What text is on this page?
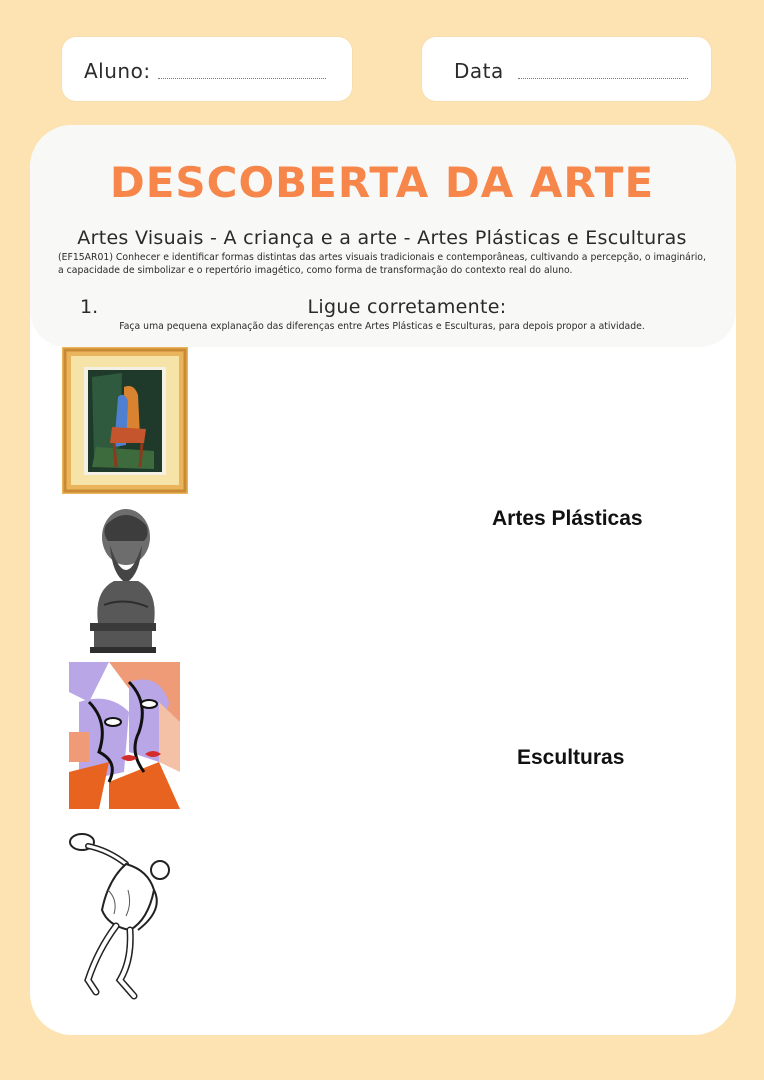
Aluno:	Data
DESCOBERTA DA ARTE
Artes Visuais - A criança e a arte - Artes Plásticas e Esculturas
(EF15AR01) Conhecer e identificar formas distintas das artes visuais tradicionais e contemporâneas, cultivando a percepção, o imaginário, a capacidade de simbolizar e o repertório imagético, como forma de transformação do contexto real do aluno.
1.	Ligue corretamente:
Faça uma pequena explanação das diferenças entre Artes Plásticas e Esculturas, para depois propor a atividade.
Artes Plásticas
Esculturas
